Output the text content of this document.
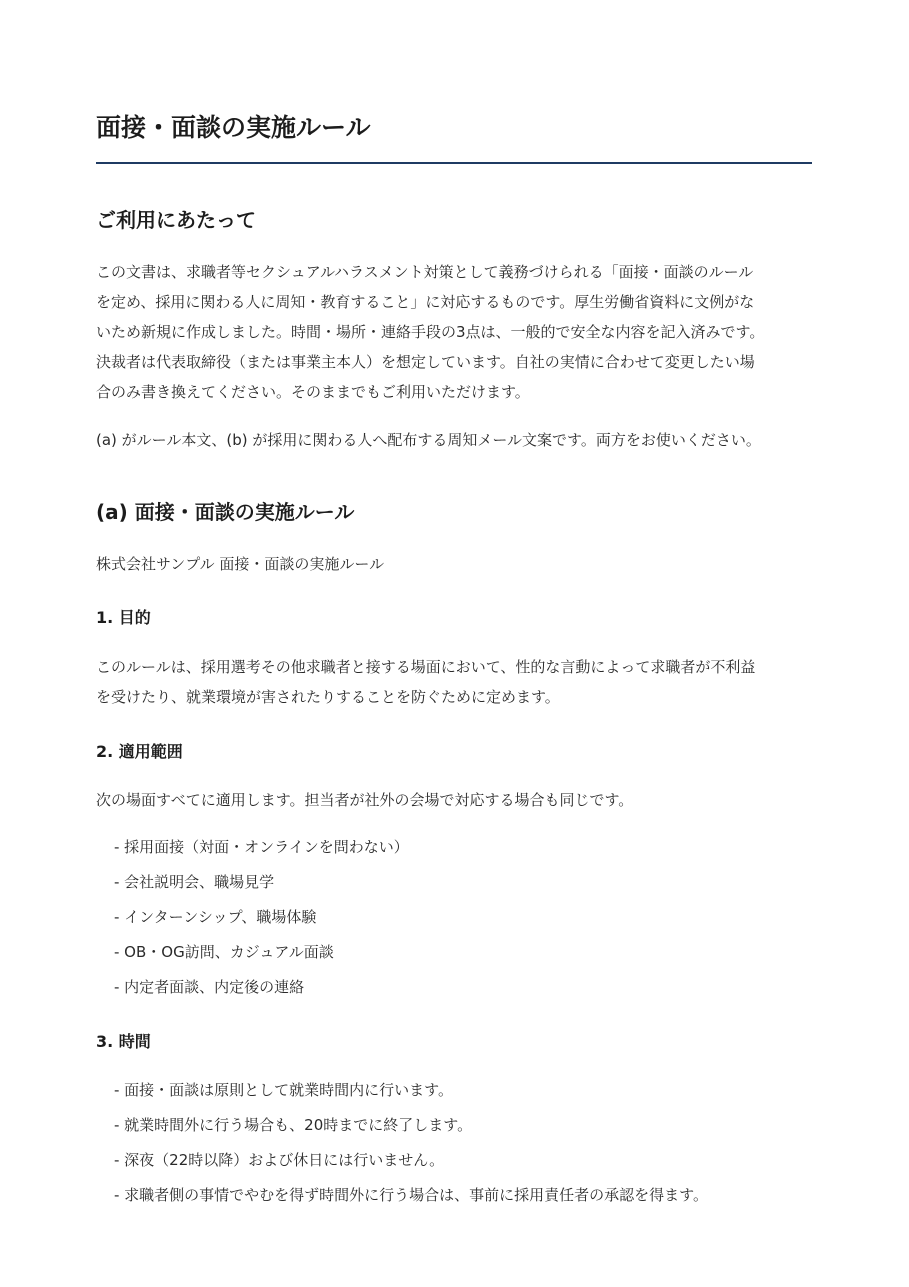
面接・面談の実施ルール
ご利用にあたって
この文書は、求職者等セクシュアルハラスメント対策として義務づけられる「面接・面談のルール
を定め、採用に関わる人に周知・教育すること」に対応するものです。厚生労働省資料に文例がな
いため新規に作成しました。時間・場所・連絡手段の3点は、一般的で安全な内容を記入済みです。
決裁者は代表取締役（または事業主本人）を想定しています。自社の実情に合わせて変更したい場
合のみ書き換えてください。そのままでもご利用いただけます。

(a) がルール本文、(b) が採用に関わる人へ配布する周知メール文案です。両方をお使いください。

(a) 面接・面談の実施ルール

株式会社サンプル 面接・面談の実施ルール

1. 目的
このルールは、採用選考その他求職者と接する場面において、性的な言動によって求職者が不利益
を受けたり、就業環境が害されたりすることを防ぐために定めます。
2. 適用範囲

次の場面すべてに適用します。担当者が社外の会場で対応する場合も同じです。

- 採用面接（対面・オンラインを問わない）
- 会社説明会、職場見学
- インターンシップ、職場体験
- OB・OG訪問、カジュアル面談
- 内定者面談、内定後の連絡
3. 時間
- 面接・面談は原則として就業時間内に行います。
- 就業時間外に行う場合も、20時までに終了します。
- 深夜（22時以降）および休日には行いません。
- 求職者側の事情でやむを得ず時間外に行う場合は、事前に採用責任者の承認を得ます。
